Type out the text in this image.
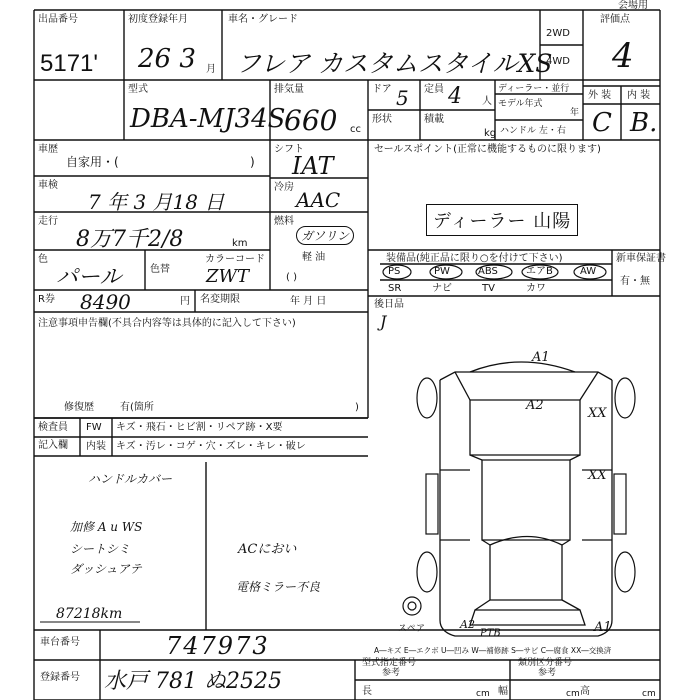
出品番号
5171'
初度登録年月
26 3 月
車名・グレード
フレア カスタムスタイルXS
2WD
4WD
評価点
4
会場用
型式
DBA-MJ34S
排気量
660 cc
ドア 5 定員 4 人
形状	積載
kg
ディーラー・並行
モデル年式
年
ハンドル 左・右
外 装 内 装
C B.
車歴
自家用・(	)
車検
7 年 3 月18 日
走行
8万7千2/8	km
色
パール	色替
カラーコード
ZWT
R券 8490	円 名変期限	年 月 日
注意事項申告欄(不具合内容等は具体的に記入して下さい)
修復歴	有(箇所	)
シフト
IAT
冷房
AAC
燃料
ガソリン
軽 油
( )
セールスポイント(正常に機能するものに限ります)
ディーラー 山陽
装備品(純正品に限り○を付けて下さい)
PS	PW	ABS	エアB	AW
SR	ナビ	TV	カワ
新車保証書
有・無
後日品
J
検査員
記入欄
FW キズ・飛石・ヒビ割・リペア跡・X要
内装 キズ・汚レ・コゲ・穴・ズレ・キレ・破レ
ハンドルカバー
加修 A u WS
シートシミ
ダッシュアテ
87218km
ACにおい
電格ミラー不良
A1
A2
XX
XX
A2	A1
スペア	PTB
A―キズ E―エクボ U―凹み W―補修跡 S―サビ C―腐食 XX―交換済
車台番号	747973
登録番号 水戸 781 ぬ2525
型式指定番号
参考
類別区分番号
参考
長	cm 幅	cm 高	cm
